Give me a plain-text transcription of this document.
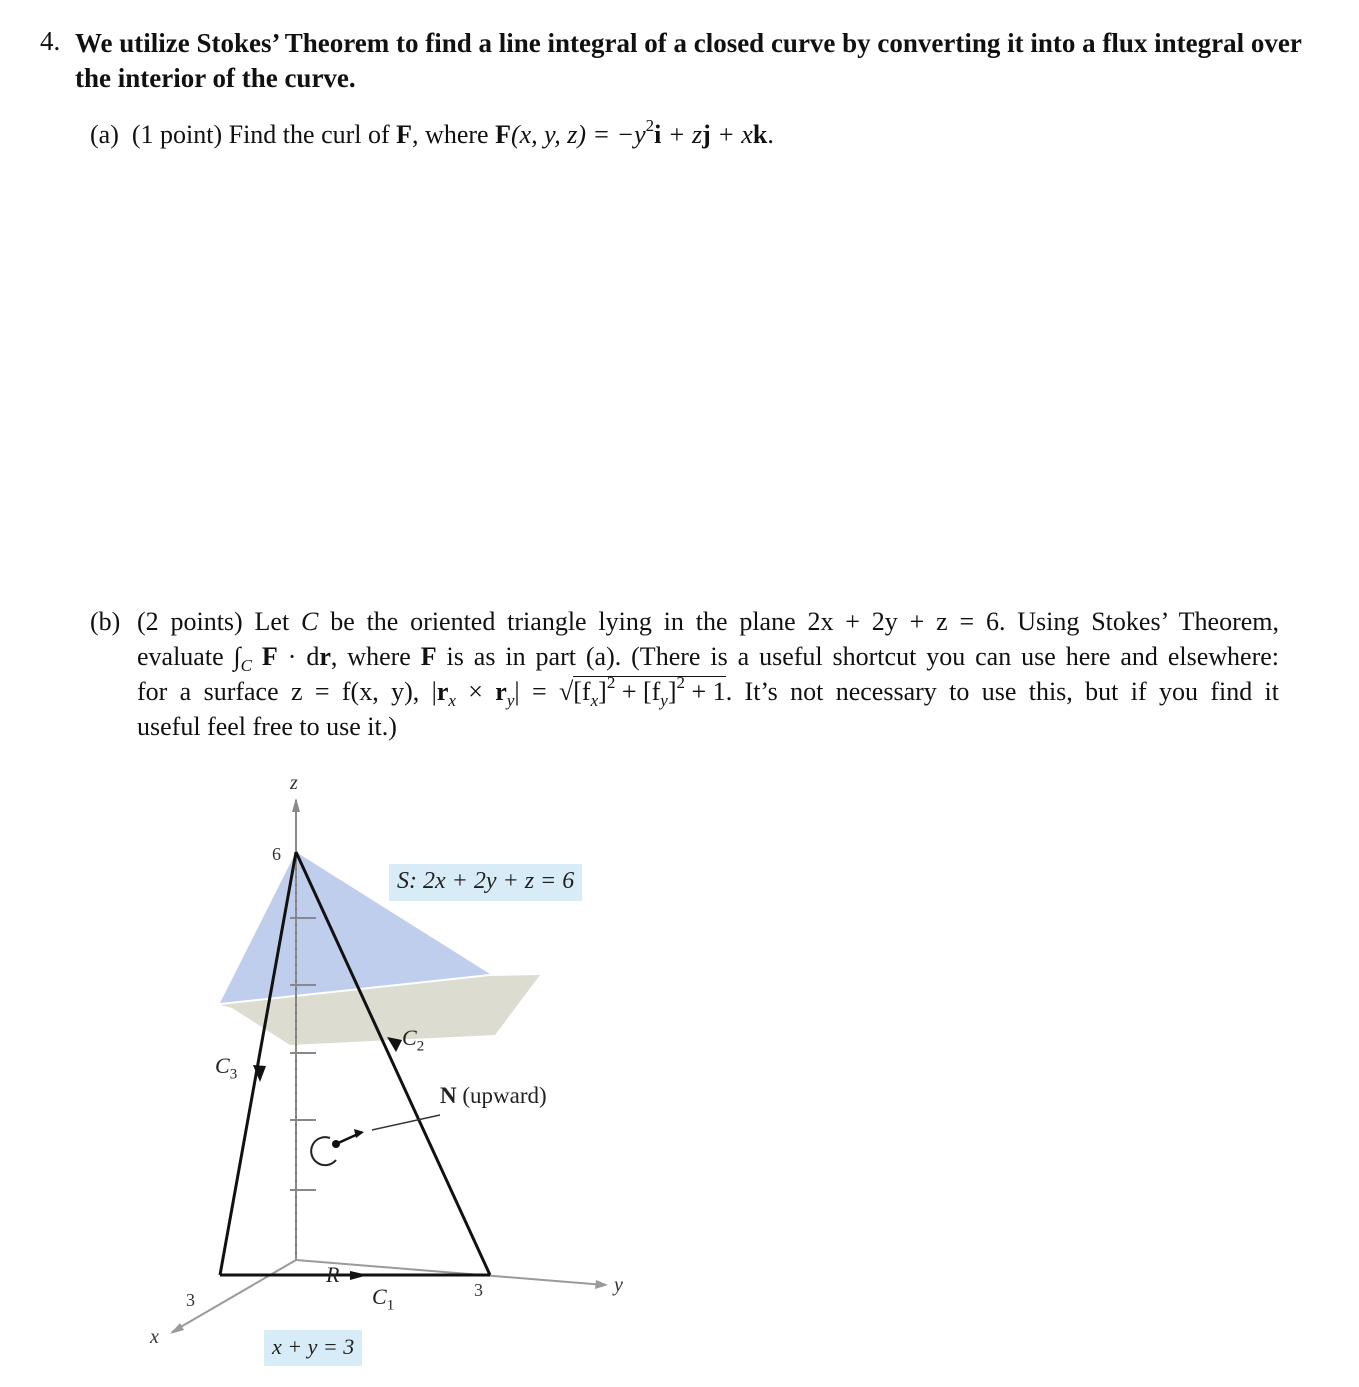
4. We utilize Stokes’ Theorem to find a line integral of a closed curve by converting it into a flux integral over the interior of the curve.
(a) (1 point) Find the curl of F, where F(x, y, $z) = -y^2i$ + zj + xk.
(b) (2 points) Let C be the oriented triangle lying in the plane 2x + 2y + z = 6. Using Stokes’ Theorem,
evaluate $\int_C$ F · dr, where F is as in part (a). (There is a useful shortcut you can use here and elsewhere:
for a surface z = f(x, y), $|r_x \times r_y| = √[f_x]^2 + [f_y]^2 + 1$. It’s not necessary to use this, but if you find it
useful feel free to use it.)
z
y
x
6
3
3	$C_1$
$C_2$
$C_3$
S: 2x + 2y + z = 6
N (upward)
R
x + y = 3
